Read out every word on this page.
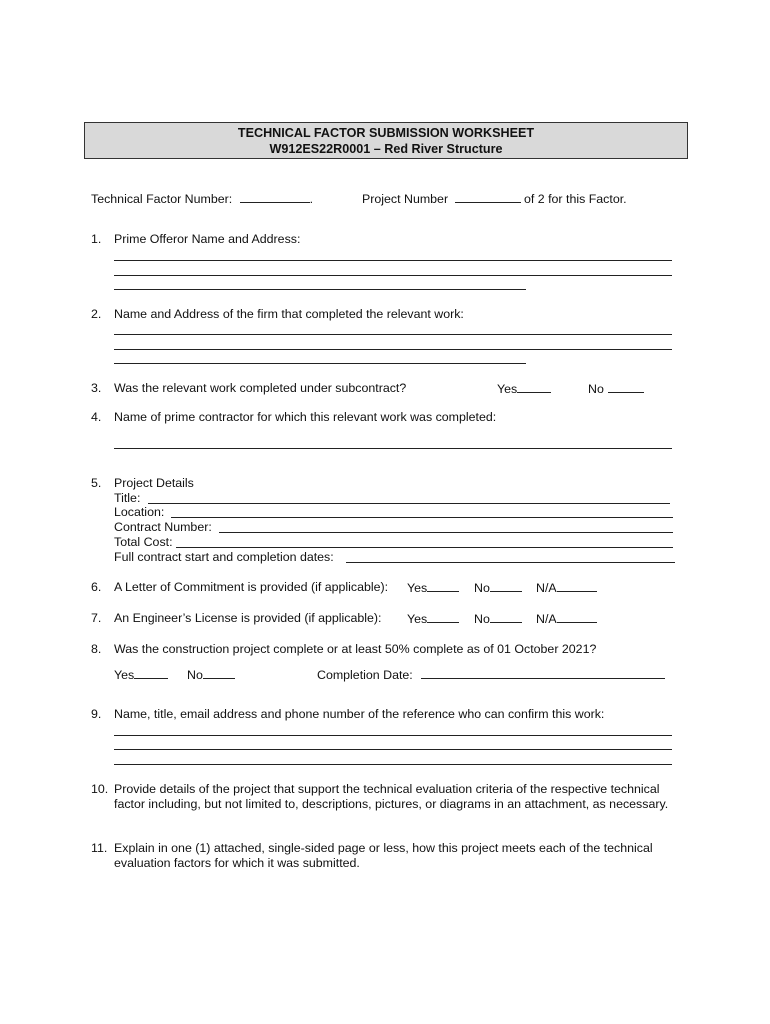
TECHNICAL FACTOR SUBMISSION WORKSHEET
W912ES22R0001 – Red River Structure
Technical Factor Number:	.	Project Number	of 2 for this Factor.
1. Prime Offeror Name and Address:
2. Name and Address of the firm that completed the relevant work:
3. Was the relevant work completed under subcontract?	Yes	No
4. Name of prime contractor for which this relevant work was completed:
5. Project Details
Title:
Location:
Contract Number:
Total Cost:
Full contract start and completion dates:
6. A Letter of Commitment is provided (if applicable): Yes	No	N/A
7. An Engineer’s License is provided (if applicable): Yes	No	N/A
8. Was the construction project complete or at least 50% complete as of 01 October 2021?
Yes	No	Completion Date:
9. Name, title, email address and phone number of the reference who can confirm this work:
10. Provide details of the project that support the technical evaluation criteria of the respective technical
factor including, but not limited to, descriptions, pictures, or diagrams in an attachment, as necessary.
11. Explain in one (1) attached, single-sided page or less, how this project meets each of the technical
evaluation factors for which it was submitted.
